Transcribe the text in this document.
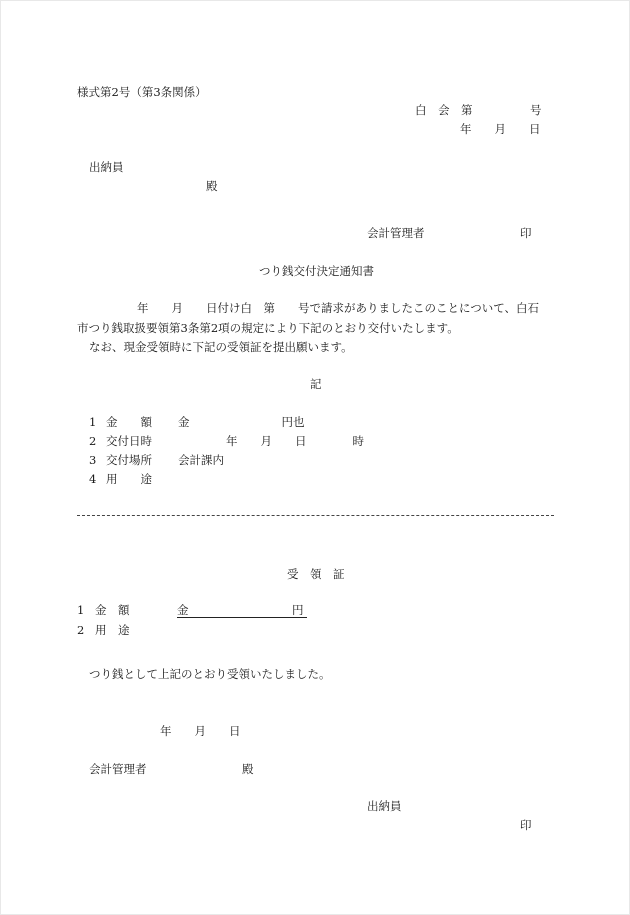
様式第2号（第3条関係）
白　会　第　　　　　号
年　　月　　日
出納員
殿
会計管理者	印
つり銭交付決定通知書
年　　月　　日付け白　第　　号で請求がありましたこのことについて、白石
市つり銭取扱要領第3条第2項の規定により下記のとおり交付いたします。
なお、現金受領時に下記の受領証を提出願います。
記
1 金　　額 金　　　　　　　　円也
2 交付日時	年　　月　　日　　　　時
3 交付場所 会計課内
4 用　　途
受　領　証
1 金　額	金　　　　　　　　　円
2 用　途
つり銭として上記のとおり受領いたしました。
年　　月　　日
会計管理者	殿
出納員
印
